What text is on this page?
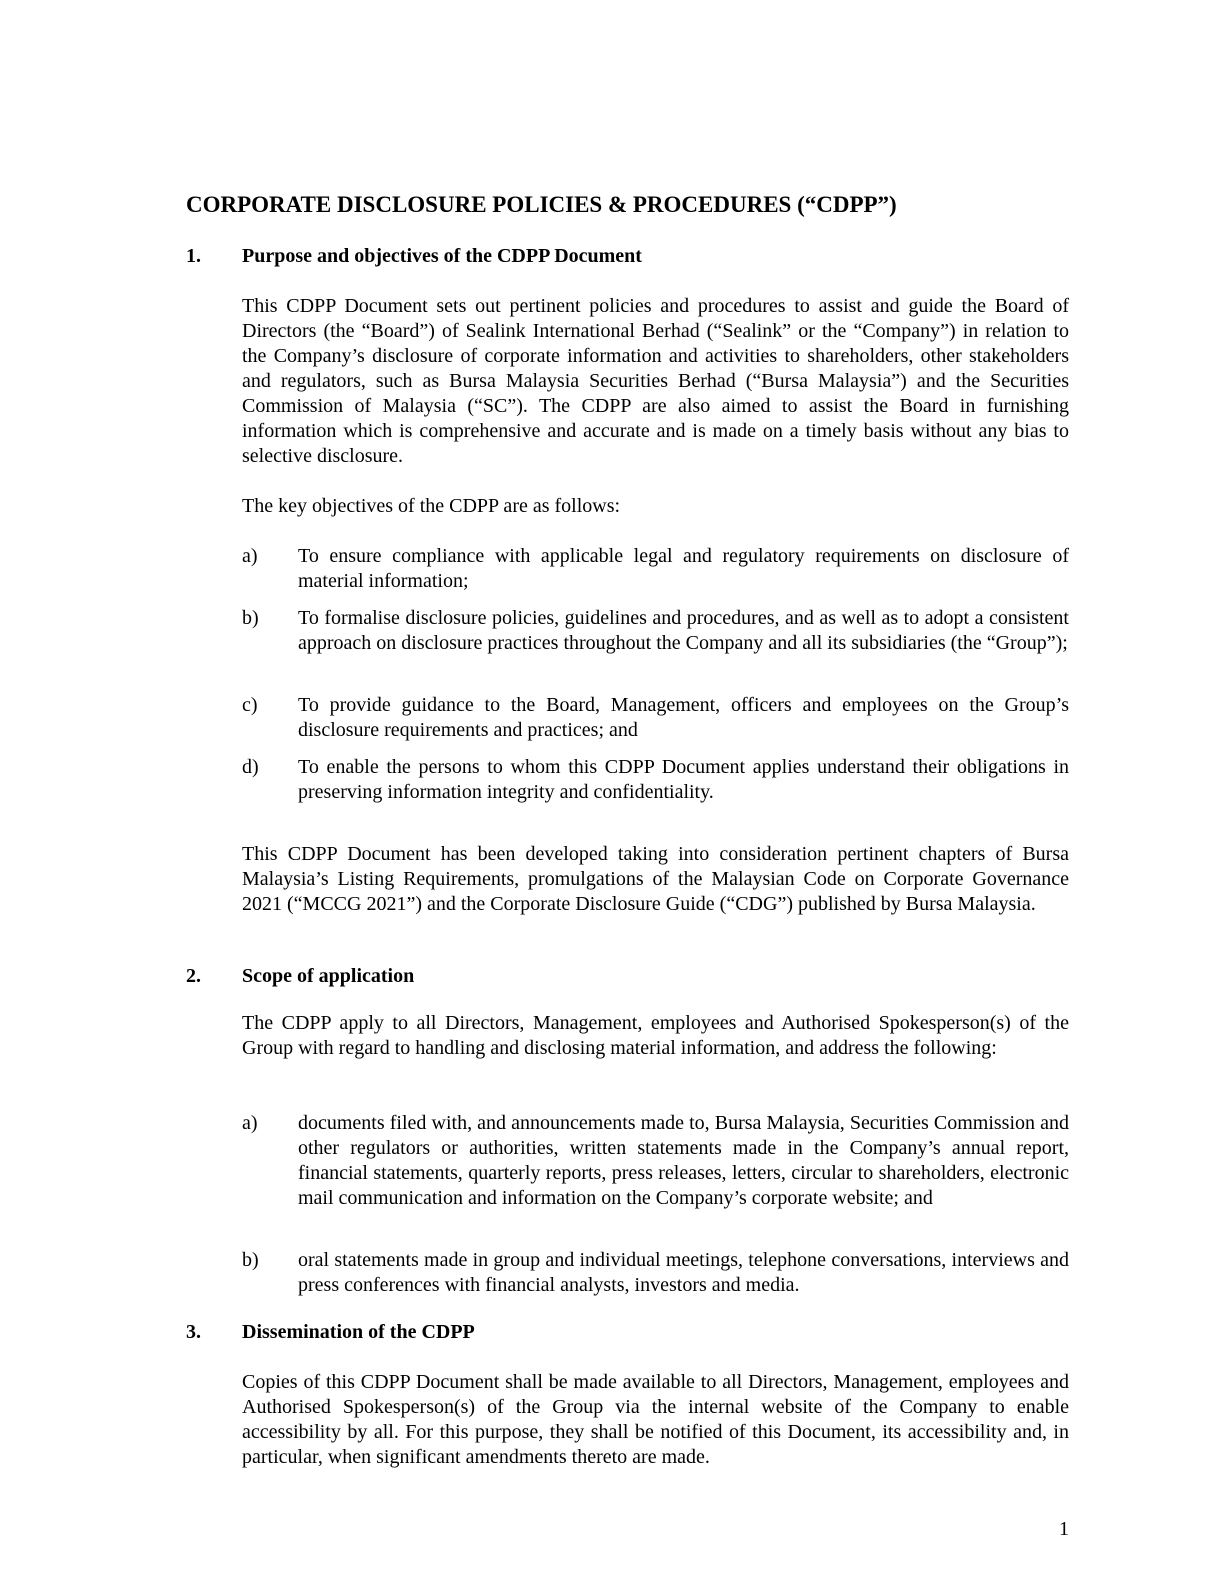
CORPORATE DISCLOSURE POLICIES & PROCEDURES (“CDPP”)
1. Purpose and objectives of the CDPP Document

This CDPP Document sets out pertinent policies and procedures to assist and guide the Board of Directors (the “Board”) of Sealink International Berhad (“Sealink” or the “Company”) in relation to the Company’s disclosure of corporate information and activities to shareholders, other stakeholders and regulators, such as Bursa Malaysia Securities Berhad (“Bursa Malaysia”) and the Securities Commission of Malaysia (“SC”). The CDPP are also aimed to assist the Board in furnishing information which is comprehensive and accurate and is made on a timely basis without any bias to selective disclosure.

The key objectives of the CDPP are as follows:

a) To ensure compliance with applicable legal and regulatory requirements on disclosure of material information;

b) To formalise disclosure policies, guidelines and procedures, and as well as to adopt a consistent approach on disclosure practices throughout the Company and all its subsidiaries (the “Group”);

c) To provide guidance to the Board, Management, officers and employees on the Group’s disclosure requirements and practices; and

d) To enable the persons to whom this CDPP Document applies understand their obligations in preserving information integrity and confidentiality.

This CDPP Document has been developed taking into consideration pertinent chapters of Bursa Malaysia’s Listing Requirements, promulgations of the Malaysian Code on Corporate Governance 2021 (“MCCG 2021”) and the Corporate Disclosure Guide (“CDG”) published by Bursa Malaysia.

2. Scope of application

The CDPP apply to all Directors, Management, employees and Authorised Spokesperson(s) of the Group with regard to handling and disclosing material information, and address the following:

a) documents filed with, and announcements made to, Bursa Malaysia, Securities Commission and other regulators or authorities, written statements made in the Company’s annual report, financial statements, quarterly reports, press releases, letters, circular to shareholders, electronic mail communication and information on the Company’s corporate website; and

b) oral statements made in group and individual meetings, telephone conversations, interviews and press conferences with financial analysts, investors and media.

3. Dissemination of the CDPP

Copies of this CDPP Document shall be made available to all Directors, Management, employees and Authorised Spokesperson(s) of the Group via the internal website of the Company to enable accessibility by all. For this purpose, they shall be notified of this Document, its accessibility and, in particular, when significant amendments thereto are made.

1
